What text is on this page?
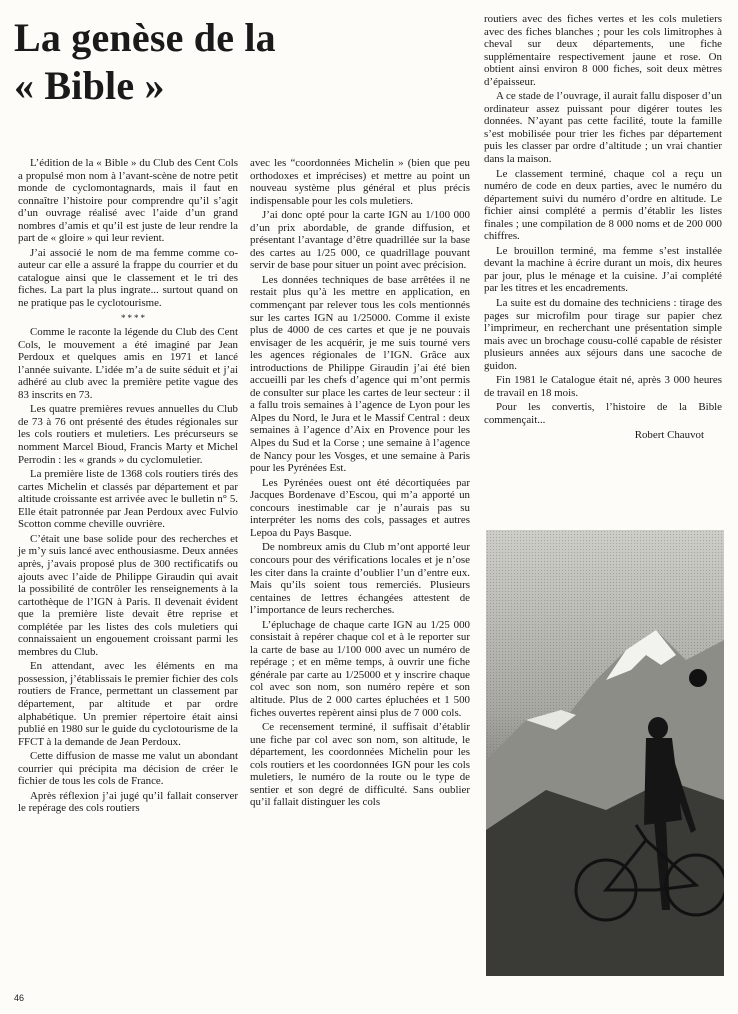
La genèse de la « Bible »

L’édition de la « Bible » du Club des Cent Cols a propulsé mon nom à l’avant-scène de notre petit monde de cyclomontagnards, mais il faut en connaître l’histoire pour comprendre qu’il s’agit d’un ouvrage réalisé avec l’aide d’un grand nombres d’amis et qu’il est juste de leur rendre la part de « gloire » qui leur revient.

J’ai associé le nom de ma femme comme co-auteur car elle a assuré la frappe du courrier et du catalogue ainsi que le classement et le tri des fiches. La part la plus ingrate... surtout quand on ne pratique pas le cyclotourisme.

****

Comme le raconte la légende du Club des Cent Cols, le mouvement a été imaginé par Jean Perdoux et quelques amis en 1971 et lancé l’année suivante. L’idée m’a de suite séduit et j’ai adhéré au club avec la première petite vague des 83 inscrits en 73.

Les quatre premières revues annuelles du Club de 73 à 76 ont présenté des études régionales sur les cols routiers et muletiers. Les précurseurs se nomment Marcel Bioud, Francis Marty et Michel Perrodin : les « grands » du cyclomuletier.

La première liste de 1368 cols routiers tirés des cartes Michelin et classés par département et par altitude croissante est arrivée avec le bulletin n° 5. Elle était patronnée par Jean Perdoux avec Fulvio Scotton comme cheville ouvrière.

C’était une base solide pour des recherches et je m’y suis lancé avec enthousiasme. Deux années après, j’avais proposé plus de 300 rectificatifs ou ajouts avec l’aide de Philippe Giraudin qui avait la possibilité de contrôler les renseignements à la cartothèque de l’IGN à Paris. Il devenait évident que la première liste devait être reprise et complétée par les listes des cols muletiers qui connaissaient un engouement croissant parmi les membres du Club.

En attendant, avec les éléments en ma possession, j’établissais le premier fichier des cols routiers de France, permettant un classement par département, par altitude et par ordre alphabétique. Un premier répertoire était ainsi publié en 1980 sur le guide du cyclotourisme de la FFCT à la demande de Jean Perdoux.

Cette diffusion de masse me valut un abondant courrier qui précipita ma décision de créer le fichier de tous les cols de France.

Après réflexion j’ai jugé qu’il fallait conserver le repérage des cols routiers

avec les “coordonnées Michelin » (bien que peu orthodoxes et imprécises) et mettre au point un nouveau système plus général et plus précis indispensable pour les cols muletiers.

J’ai donc opté pour la carte IGN au 1/100 000 d’un prix abordable, de grande diffusion, et présentant l’avantage d’être quadrillée sur la base des cartes au 1/25 000, ce quadrillage pouvant servir de base pour situer un point avec précision.

Les données techniques de base arrêtées il ne restait plus qu’à les mettre en application, en commençant par relever tous les cols mentionnés sur les cartes IGN au 1/25000. Comme il existe plus de 4000 de ces cartes et que je ne pouvais envisager de les acquérir, je me suis tourné vers les agences régionales de l’IGN. Grâce aux introductions de Philippe Giraudin j’ai été bien accueilli par les chefs d’agence qui m’ont permis de consulter sur place les cartes de leur secteur : il a fallu trois semaines à l’agence de Lyon pour les Alpes du Nord, le Jura et le Massif Central : deux semaines à l’agence d’Aix en Provence pour les Alpes du Sud et la Corse ; une semaine à l’agence de Nancy pour les Vosges, et une semaine à Paris pour les Pyrénées Est.

Les Pyrénées ouest ont été décortiquées par Jacques Bordenave d’Escou, qui m’a apporté un concours inestimable car je n’aurais pas su interpréter les noms des cols, passages et autres Lepoa du Pays Basque.

De nombreux amis du Club m’ont apporté leur concours pour des vérifications locales et je n’ose les citer dans la crainte d’oublier l’un d’entre eux. Mais qu’ils soient tous remerciés. Plusieurs centaines de lettres échangées attestent de l’importance de leurs recherches.

L’épluchage de chaque carte IGN au 1/25 000 consistait à repérer chaque col et à le reporter sur la carte de base au 1/100 000 avec un numéro de repérage ; et en même temps, à ouvrir une fiche générale par carte au 1/25000 et y inscrire chaque col avec son nom, son numéro repère et son altitude. Plus de 2 000 cartes épluchées et 1 500 fiches ouvertes repèrent ainsi plus de 7 000 cols.

Ce recensement terminé, il suffisait d’établir une fiche par col avec son nom, son altitude, le département, les coordonnées Michelin pour les cols routiers et les coordonnées IGN pour les cols muletiers, le numéro de la route ou le type de sentier et son degré de difficulté. Sans oublier qu’il fallait distinguer les cols

routiers avec des fiches vertes et les cols muletiers avec des fiches blanches ; pour les cols limitrophes à cheval sur deux départements, une fiche supplémentaire respectivement jaune et rose. On obtient ainsi environ 8 000 fiches, soit deux mètres d’épaisseur.

A ce stade de l’ouvrage, il aurait fallu disposer d’un ordinateur assez puissant pour digérer toutes les données. N’ayant pas cette facilité, toute la famille s’est mobilisée pour trier les fiches par département puis les classer par ordre d’altitude ; un vrai chantier dans la maison.

Le classement terminé, chaque col a reçu un numéro de code en deux parties, avec le numéro du département suivi du numéro d’ordre en altitude. Le fichier ainsi complété a permis d’établir les listes finales ; une compilation de 8 000 noms et de 200 000 chiffres.

Le brouillon terminé, ma femme s’est installée devant la machine à écrire durant un mois, dix heures par jour, plus le ménage et la cuisine. J’ai complété par les titres et les encadrements.

La suite est du domaine des techniciens : tirage des pages sur microfilm pour tirage sur papier chez l’imprimeur, en recherchant une présentation simple mais avec un brochage cousu-collé capable de résister plusieurs années aux séjours dans une sacoche de guidon.

Fin 1981 le Catalogue était né, après 3 000 heures de travail en 18 mois.

Pour les convertis, l’histoire de la Bible commençait...

Robert Chauvot

46
